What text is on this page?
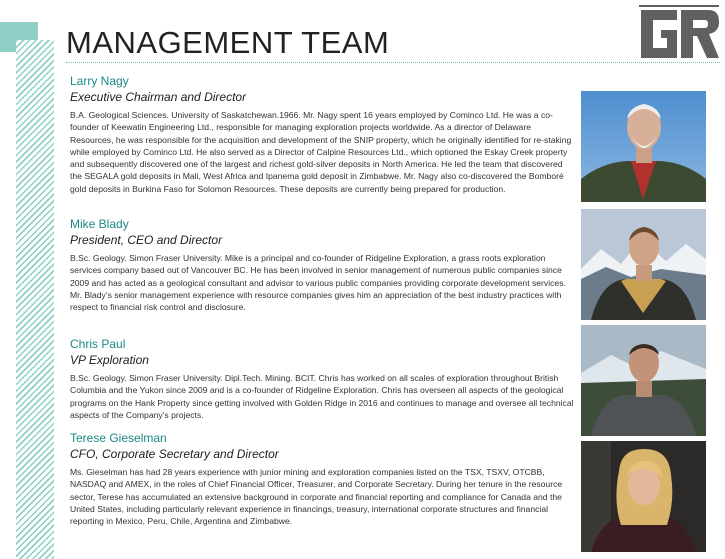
MANAGEMENT TEAM
Larry Nagy
Executive Chairman and Director
B.A. Geological Sciences. University of Saskatchewan.1966. Mr. Nagy spent 16 years employed by Cominco Ltd. He was a co-founder of Keewatin Engineering Ltd., responsible for managing exploration projects worldwide. As a director of Delaware Resources, he was responsible for the acquisition and development of the SNIP property, which he originally identified for re-staking while employed by Cominco Ltd. He also served as a Director of Calpine Resources Ltd., which optioned the Eskay Creek property and subsequently discovered one of the largest and richest gold-silver deposits in North America. He led the team that discovered the SEGALA gold deposits in Mali, West Africa and Ipanema gold deposit in Zimbabwe. Mr. Nagy also co-discovered the Bomboré gold deposits in Burkina Faso for Solomon Resources. These deposits are currently being prepared for production.
Mike Blady
President, CEO and Director
B.Sc. Geology. Simon Fraser University. Mike is a principal and co-founder of Ridgeline Exploration, a grass roots exploration services company based out of Vancouver BC. He has been involved in senior management of numerous public companies since 2009 and has acted as a geological consultant and advisor to various public companies providing corporate development services. Mr. Blady’s senior management experience with resource companies gives him an appreciation of the best industry practices with respect to financial risk control and disclosure.
Chris Paul
VP Exploration
B.Sc. Geology. Simon Fraser University. Dipl.Tech. Mining. BCIT. Chris has worked on all scales of exploration throughout British Columbia and the Yukon since 2009 and is a co-founder of Ridgeline Exploration. Chris has overseen all aspects of the geological programs on the Hank Property since getting involved with Golden Ridge in 2016 and continues to manage and oversee all technical aspects of the Company’s projects.
Terese Gieselman
CFO, Corporate Secretary and Director
Ms. Gieselman has had 28 years experience with junior mining and exploration companies listed on the TSX, TSXV, OTCBB, NASDAQ and AMEX, in the roles of Chief Financial Officer, Treasurer, and Corporate Secretary. During her tenure in the resource sector, Terese has accumulated an extensive background in corporate and financial reporting and compliance for Canada and the United States, including particularly relevant experience in financings, treasury, international corporate structures and financial reporting in Mexico, Peru, Chile, Argentina and Zimbabwe.
